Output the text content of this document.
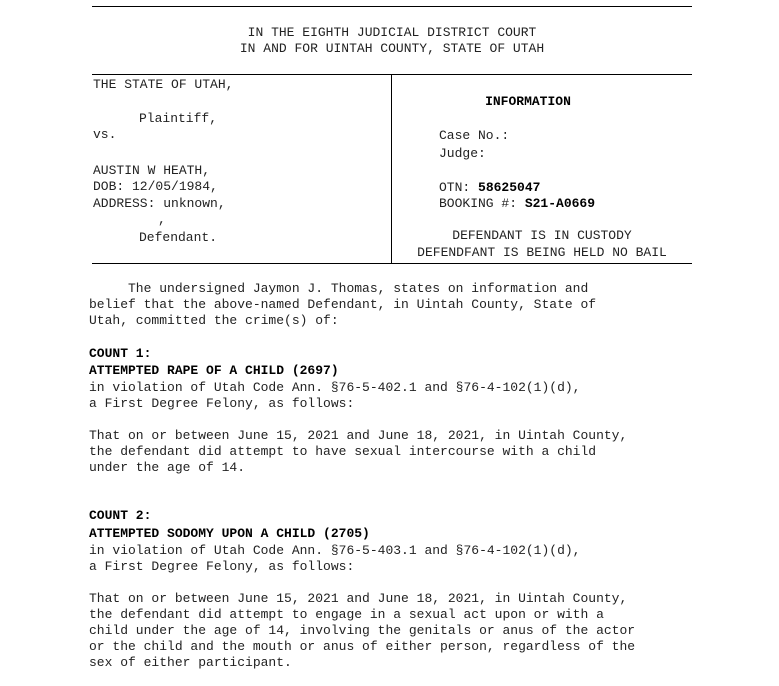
IN THE EIGHTH JUDICIAL DISTRICT COURT
IN AND FOR UINTAH COUNTY, STATE OF UTAH
THE STATE OF UTAH,
Plaintiff,
vs.
AUSTIN W HEATH,
DOB: 12/05/1984,
ADDRESS: unknown,
,
Defendant.
INFORMATION
Case No.:
Judge:
OTN: 58625047
BOOKING #: S21-A0669
DEFENDANT IS IN CUSTODY
DEFENDFANT IS BEING HELD NO BAIL
The undersigned Jaymon J. Thomas, states on information and
belief that the above-named Defendant, in Uintah County, State of
Utah, committed the crime(s) of:
COUNT 1:
ATTEMPTED RAPE OF A CHILD (2697)
in violation of Utah Code Ann. §76-5-402.1 and §76-4-102(1)(d),
a First Degree Felony, as follows:
That on or between June 15, 2021 and June 18, 2021, in Uintah County,
the defendant did attempt to have sexual intercourse with a child
under the age of 14.
COUNT 2:
ATTEMPTED SODOMY UPON A CHILD (2705)
in violation of Utah Code Ann. §76-5-403.1 and §76-4-102(1)(d),
a First Degree Felony, as follows:
That on or between June 15, 2021 and June 18, 2021, in Uintah County,
the defendant did attempt to engage in a sexual act upon or with a
child under the age of 14, involving the genitals or anus of the actor
or the child and the mouth or anus of either person, regardless of the
sex of either participant.
